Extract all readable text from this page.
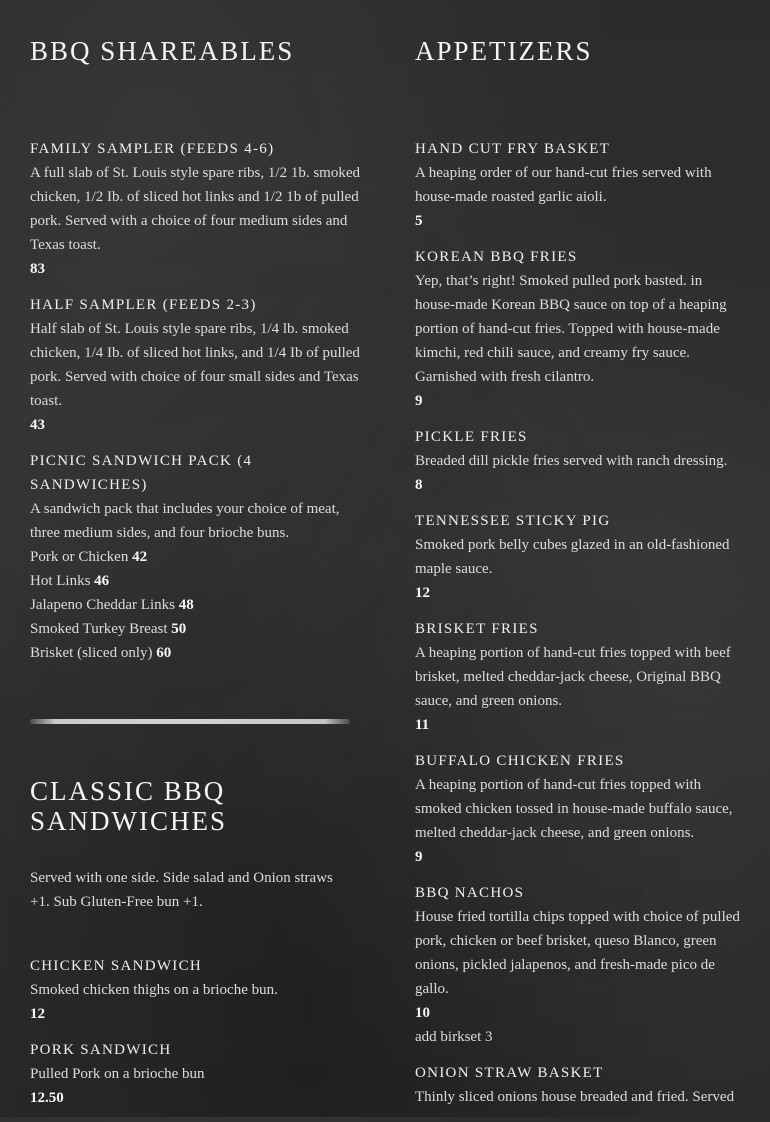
BBQ SHAREABLES
FAMILY SAMPLER (FEEDS 4-6)
A full slab of St. Louis style spare ribs, 1/2 1b. smoked chicken, 1/2 Ib. of sliced hot links and 1/2 1b of pulled pork. Served with a choice of four medium sides and Texas toast.
83
HALF SAMPLER (FEEDS 2-3)
Half slab of St. Louis style spare ribs, 1/4 lb. smoked chicken, 1/4 Ib. of sliced hot links, and 1/4 Ib of pulled pork. Served with choice of four small sides and Texas toast.
43
PICNIC SANDWICH PACK (4 SANDWICHES)
A sandwich pack that includes your choice of meat, three medium sides, and four brioche buns.
Pork or Chicken 42
Hot Links 46
Jalapeno Cheddar Links 48
Smoked Turkey Breast 50
Brisket (sliced only) 60
CLASSIC BBQ SANDWICHES
Served with one side. Side salad and Onion straws +1. Sub Gluten-Free bun +1.
CHICKEN SANDWICH
Smoked chicken thighs on a brioche bun.
12
PORK SANDWICH
Pulled Pork on a brioche bun
12.50
APPETIZERS
HAND CUT FRY BASKET
A heaping order of our hand-cut fries served with house-made roasted garlic aioli.
5
KOREAN BBQ FRIES
Yep, that’s right! Smoked pulled pork basted. in house-made Korean BBQ sauce on top of a heaping portion of hand-cut fries. Topped with house-made kimchi, red chili sauce, and creamy fry sauce. Garnished with fresh cilantro.
9
PICKLE FRIES
Breaded dill pickle fries served with ranch dressing.
8
TENNESSEE STICKY PIG
Smoked pork belly cubes glazed in an old-fashioned maple sauce.
12
BRISKET FRIES
A heaping portion of hand-cut fries topped with beef brisket, melted cheddar-jack cheese, Original BBQ sauce, and green onions.
11
BUFFALO CHICKEN FRIES
A heaping portion of hand-cut fries topped with smoked chicken tossed in house-made buffalo sauce, melted cheddar-jack cheese, and green onions.
9
BBQ NACHOS
House fried tortilla chips topped with choice of pulled pork, chicken or beef brisket, queso Blanco, green onions, pickled jalapenos, and fresh-made pico de gallo.
10
add birkset 3
ONION STRAW BASKET
Thinly sliced onions house breaded and fried. Served
